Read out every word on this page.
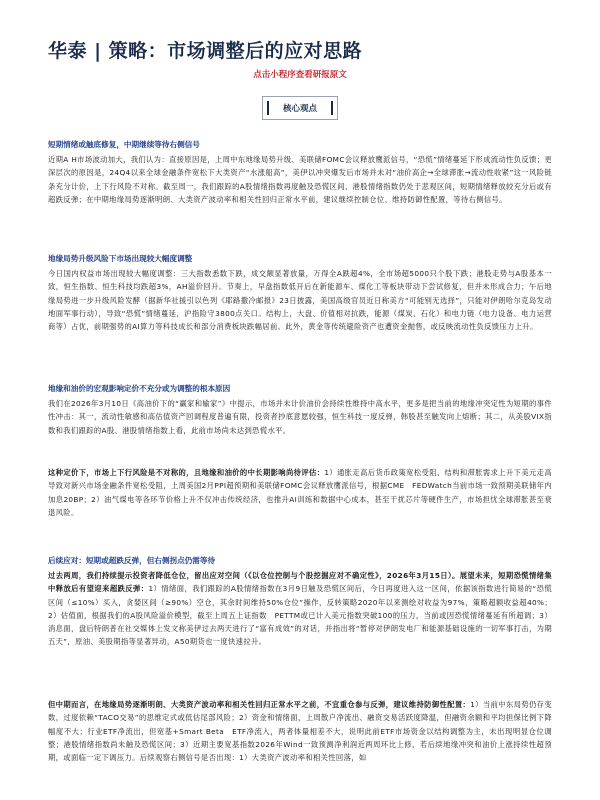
华泰 | 策略：市场调整后的应对思路
点击小程序查看研报原文
核心观点
短期情绪或触底修复，中期继续等待右侧信号

近期A H市场波动加大，我们认为：直接原因是，上周中东地缘局势升级、美联储FOMC会议释放鹰派信号，“恐慌”情绪蔓延下形成流动性负反馈；更深层次的原因是，24Q4以来全球金融条件宽松下大类资产“水涨船高”，美伊以冲突爆发后市场并未对“油价高企→全球滞胀→流动性收紧”这一风险链条充分计价，上下行风险不对称。截至周一，我们跟踪的A股情绪指数再度触及恐慌区间、港股情绪指数仍处于悲观区间，短期情绪释放较充分后或有超跌反弹；在中期地缘局势逐渐明朗、大类资产波动率和相关性回归正常水平前，建议继续控制仓位、维持防御性配置，等待右侧信号。

地缘局势升级风险下市场出现较大幅度调整

今日国内权益市场出现较大幅度调整：三大指数悉数下跌，成交额显著放量，万得全A跌超4%，全市场超5000只个股下跌；港股走势与A股基本一致，恒生指数、恒生科技均跌超3%，AH溢价回升。节奏上，早盘指数低开后在新能源车、煤化工等板块带动下尝试修复，但并未形成合力；午后地缘局势进一步升级风险发酵（据新华社援引以色列《耶路撒冷邮报》23日披露，美国高级官员近日称美方“可能别无选择”，只能对伊朗哈尔克岛发动地面军事行动），导致“恐慌”情绪蔓延，沪指险守3800点关口。结构上，大盘、价值相对抗跌，能源（煤炭、石化）和电力链（电力设备、电力运营商等）占优，前期强势的AI算力等科技成长和部分消费板块跌幅居前。此外，黄金等传统避险资产也遭资金抛售，或反映流动性负反馈压力上升。

地缘和油价的宏观影响定价不充分或为调整的根本原因

我们在2026年3月10日《高油价下的“赢家和输家”》中提示，市场并未计价油价会持续性维持中高水平，更多是把当前的地缘冲突定性为短期的事件性冲击：其一，流动性敏感和高估值资产回调程度普遍有限，投资者抄底意愿较强，恒生科技一度反弹，韩股甚至触发向上熔断；其二，从美股VIX指数和我们跟踪的A股、港股情绪指数上看，此前市场尚未达到恐慌水平。

这种定价下，市场上下行风险是不对称的，且地缘和油价的中长期影响尚待评估：1）通胀走高后货币政策宽松受阻、结构和滞胀需求上升下美元走高导致对新兴市场金融条件宽松受阻，上周美国2月PPI超预期和美联储FOMC会议释放鹰派信号，根据CME　FEDWatch当前市场一致预期美联储年内加息20BP；2）油气煤电等各环节价格上升不仅冲击传统经济，也推升AI训练和数据中心成本，甚至干扰芯片等硬件生产，市场担忧全球滞胀甚至衰退风险。

后续应对：短期或超跌反弹，但右侧拐点仍需等待

过去两周，我们持续提示投资者降低仓位，留出应对空间（《以仓位控制与个股挖掘应对不确定性》，2026年3月15日）。展望未来，短期恐慌情绪集中释放后有望迎来超跌反弹：1）情绪面，我们跟踪的A股情绪指数在3月9日触及恐慌区间后，今日再度进入这一区间，依据该指数进行简易的“恐慌区间（≤10%）买入，贪婪区间（≥90%）空仓，其余时间维持50%仓位”操作，反转策略2020年以来测绘对收益为97%，策略超额收益超40%；2）估值面，根据我们的A股风险溢价模型，截至上周五上证指数　PETTM或已计入美元指数突破100的压力，当前或因恐慌情绪蔓延有所超调；3）消息面，盘后特朗普在社交媒体上发文称美伊过去两天进行了“富有成效”的对话，并指出将“暂停对伊朗发电厂和能源基础设施的一切军事打击，为期五天”，原油、美股期指等显著异动，A50期货也一度快速拉升。

但中期而言，在地缘局势逐渐明朗、大类资产波动率和相关性回归正常水平之前，不宜重仓参与反弹，建议维持防御性配置：1）当前中东局势仍存变数，过度依赖“TACO交易”的思维定式或低估尾部风险；2）资金和情绪面，上周散户净流出、融资交易活跃度降温，但融资余额和平均担保比例下降幅度不大；行业ETF净流出，但宽基+Smart Beta　ETF净流入，两者体量相差不大，说明此前ETF市场资金以结构调整为主，未出现明显仓位调整；港股情绪指数尚未触及恐慌区间；3）近期主要宽基指数2026年Wind一致预测净利润近两周环比上修，若后续地缘冲突和油价上涨持续性超预期，或面临一定下调压力。后续观察右侧信号是否出现：1）大类资产波动率和相关性回落，如
